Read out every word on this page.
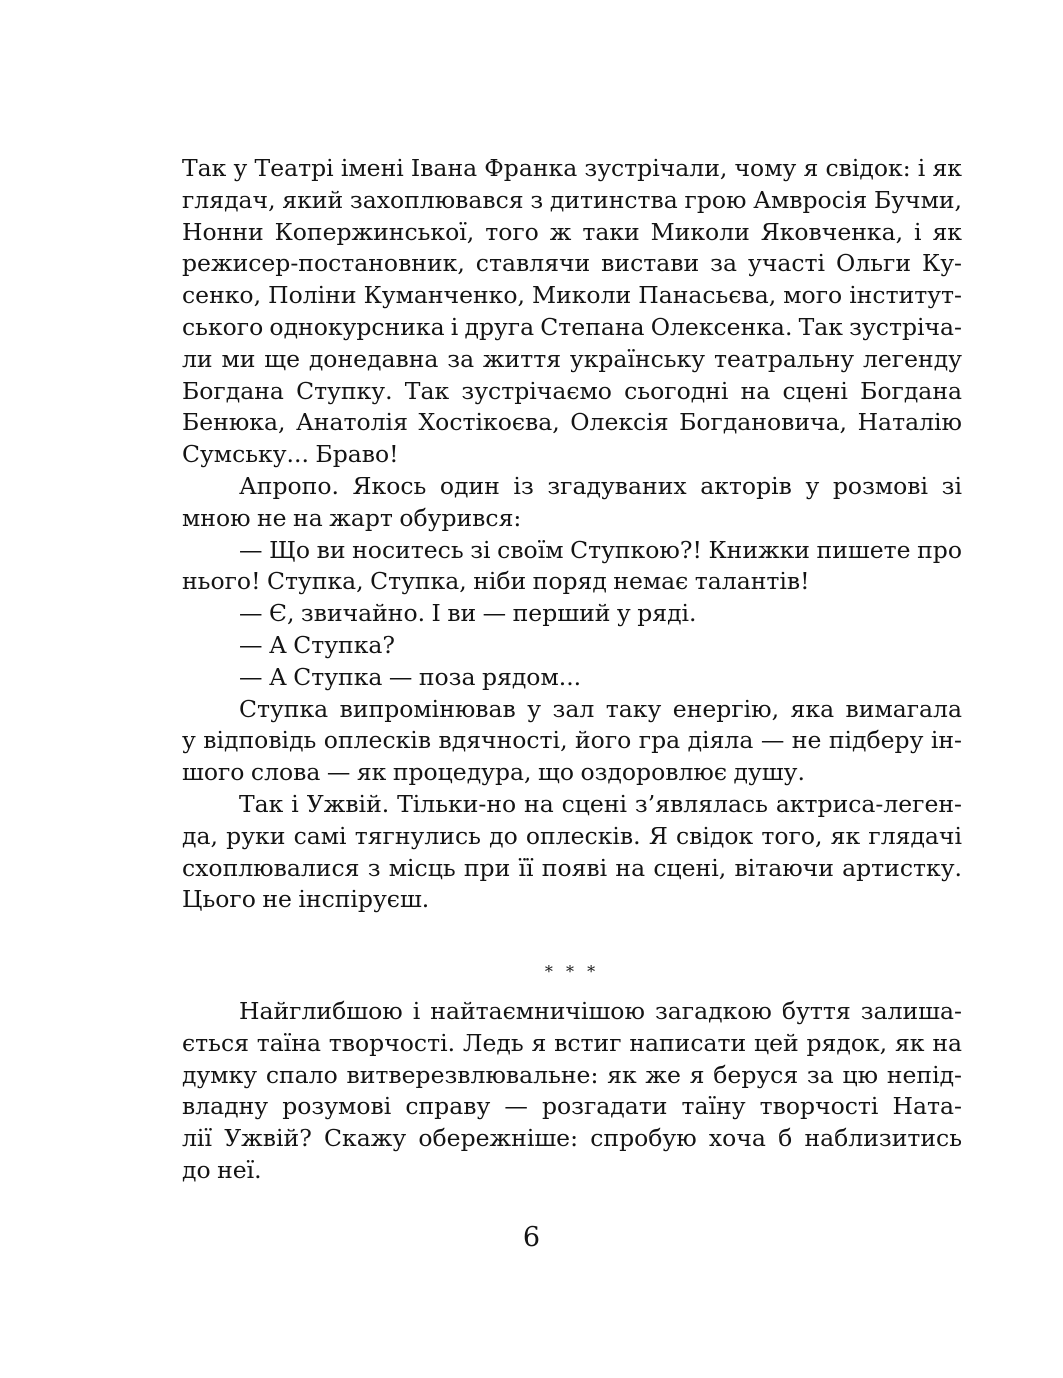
Так у Театрі імені Івана Франка зустрічали, чому я свідок: і як
глядач, який захоплювався з дитинства грою Амвросія Бучми,
Нонни Копержинської, того ж таки Миколи Яковченка, і як
режисер-постановник, ставлячи вистави за участі Ольги Ку-
сенко, Поліни Куманченко, Миколи Панасьєва, мого інститут-
ського однокурсника і друга Степана Олексенка. Так зустріча-
ли ми ще донедавна за життя українську театральну легенду
Богдана Ступку. Так зустрічаємо сьогодні на сцені Богдана
Бенюка, Анатолія Хостікоєва, Олексія Богдановича, Наталію
Сумську... Браво!
Апропо. Якось один із згадуваних акторів у розмові зі
мною не на жарт обурився:
— Що ви носитесь зі своїм Ступкою?! Книжки пишете про
нього! Ступка, Ступка, ніби поряд немає талантів!
— Є, звичайно. І ви — перший у ряді.
— А Ступка?
— А Ступка — поза рядом...
Ступка випромінював у зал таку енергію, яка вимагала
у відповідь оплесків вдячності, його гра діяла — не підберу ін-
шого слова — як процедура, що оздоровлює душу.
Так і Ужвій. Тільки-но на сцені з’являлась актриса-леген-
да, руки самі тягнулись до оплесків. Я свідок того, як глядачі
схоплювалися з місць при її появі на сцені, вітаючи артистку.
Цього не інспіруєш.
* * *
Найглибшою і найтаємничішою загадкою буття залиша-
ється таїна творчості. Ледь я встиг написати цей рядок, як на
думку спало витверезвлювальне: як же я беруся за цю непід-
владну розумові справу — розгадати таїну творчості Ната-
лії Ужвій? Скажу обережніше: спробую хоча б наблизитись
до неї.
6
